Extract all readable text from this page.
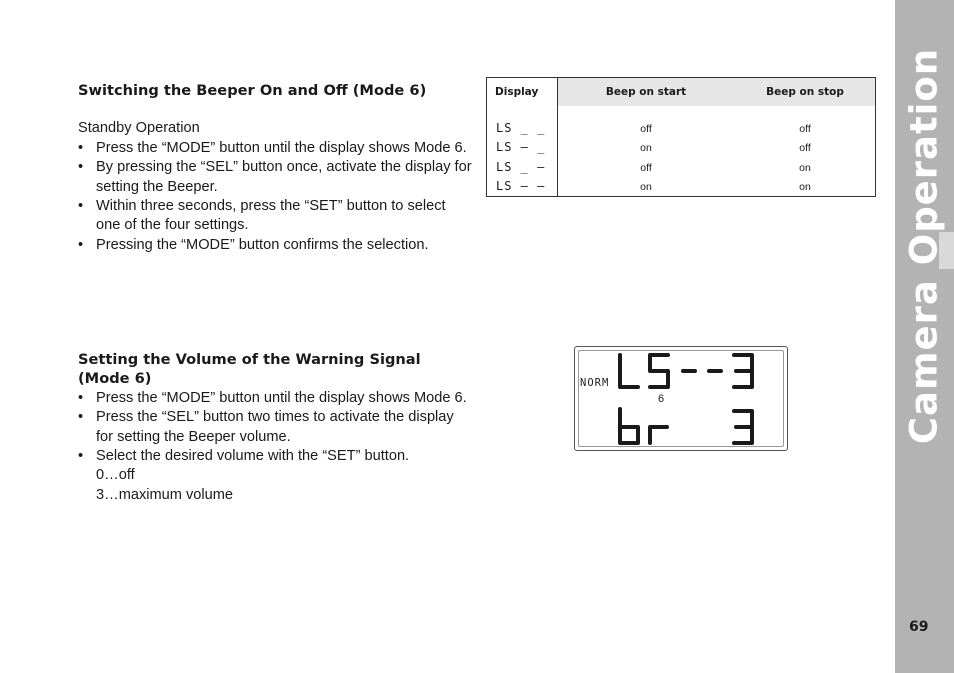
Camera Operation
69
Switching the Beeper On and Off (Mode 6)

Standby Operation

• Press the “MODE” button until the display shows Mode 6.
• By pressing the “SEL” button once, activate the display for setting the Beeper.
• Within three seconds, press the “SET” button to select one of the four settings.
• Pressing the “MODE” button confirms the selection.
Setting the Volume of the Warning Signal (Mode 6)
• Press the “MODE” button until the display shows Mode 6.
• Press the “SEL” button two times to activate the display for setting the Beeper volume.
• Select the desired volume with the “SET” button.

0…off

3…maximum volume

Display	Beep on start	Beep on stop
LS _ _	off	off
LS – _	on	off
LS _ –	off	on
LS – –	on	on
NORM
6
